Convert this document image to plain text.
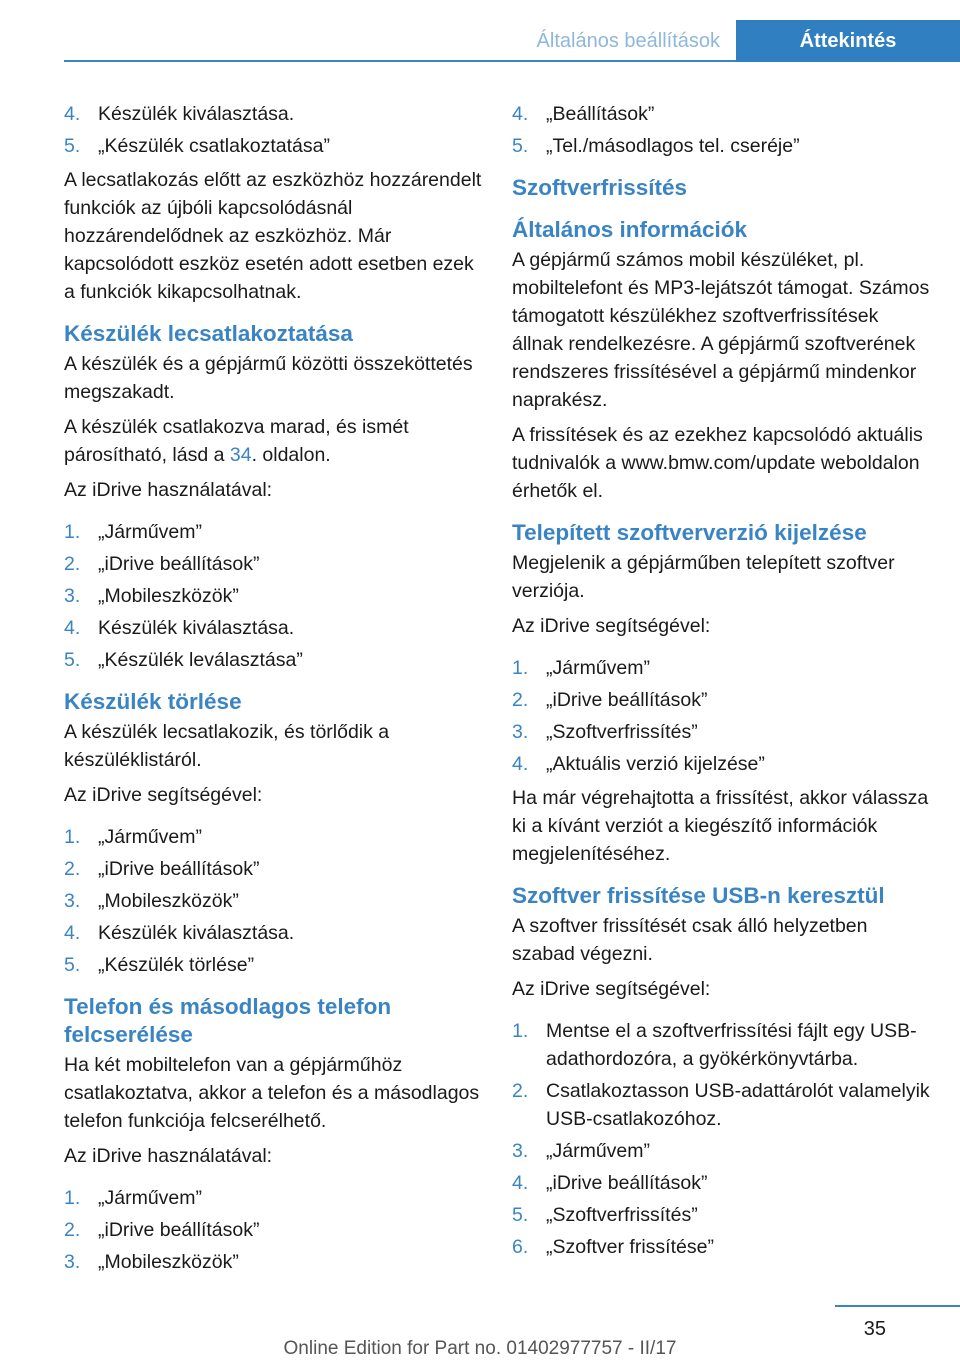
Általános beállítások	Áttekintés
4. Készülék kiválasztása.
5. „Készülék csatlakoztatása”

A lecsatlakozás előtt az eszközhöz hozzárendelt funkciók az újbóli kapcsolódásnál hozzárendelődnek az eszközhöz. Már kapcsolódott eszköz esetén adott esetben ezek a funkciók kikapcsolhatnak.

Készülék lecsatlakoztatása

A készülék és a gépjármű közötti összeköttetés megszakadt.

A készülék csatlakozva marad, és ismét párosítható, lásd a 34. oldalon.

Az iDrive használatával:

1. „Járművem”
2. „iDrive beállítások”
3. „Mobileszközök”
4. Készülék kiválasztása.
5. „Készülék leválasztása”
Készülék törlése

A készülék lecsatlakozik, és törlődik a készüléklistáról.

Az iDrive segítségével:

1. „Járművem”
2. „iDrive beállítások”
3. „Mobileszközök”
4. Készülék kiválasztása.
5. „Készülék törlése”
Telefon és másodlagos telefon felcserélése

Ha két mobiltelefon van a gépjárműhöz csatlakoztatva, akkor a telefon és a másodlagos telefon funkciója felcserélhető.

Az iDrive használatával:

1. „Járművem”
2. „iDrive beállítások”
3. „Mobileszközök”
4. „Beállítások”
5. „Tel./másodlagos tel. cseréje”
Szoftverfrissítés
Általános információk

A gépjármű számos mobil készüléket, pl. mobiltelefont és MP3-lejátszót támogat. Számos támogatott készülékhez szoftverfrissítések állnak rendelkezésre. A gépjármű szoftverének rendszeres frissítésével a gépjármű mindenkor naprakész.

A frissítések és az ezekhez kapcsolódó aktuális tudnivalók a www.bmw.com/update weboldalon érhetők el.

Telepített szoftververzió kijelzése

Megjelenik a gépjárműben telepített szoftver verziója.

Az iDrive segítségével:

1. „Járművem”
2. „iDrive beállítások”
3. „Szoftverfrissítés”
4. „Aktuális verzió kijelzése”

Ha már végrehajtotta a frissítést, akkor válassza ki a kívánt verziót a kiegészítő információk megjelenítéséhez.

Szoftver frissítése USB-n keresztül

A szoftver frissítését csak álló helyzetben szabad végezni.

Az iDrive segítségével:

1. Mentse el a szoftverfrissítési fájlt egy USB-adathordozóra, a gyökérkönyvtárba.
2. Csatlakoztasson USB-adattárolót valamelyik USB-csatlakozóhoz.
3. „Járművem”
4. „iDrive beállítások”
5. „Szoftverfrissítés”
6. „Szoftver frissítése”
35
Online Edition for Part no. 01402977757 - II/17
